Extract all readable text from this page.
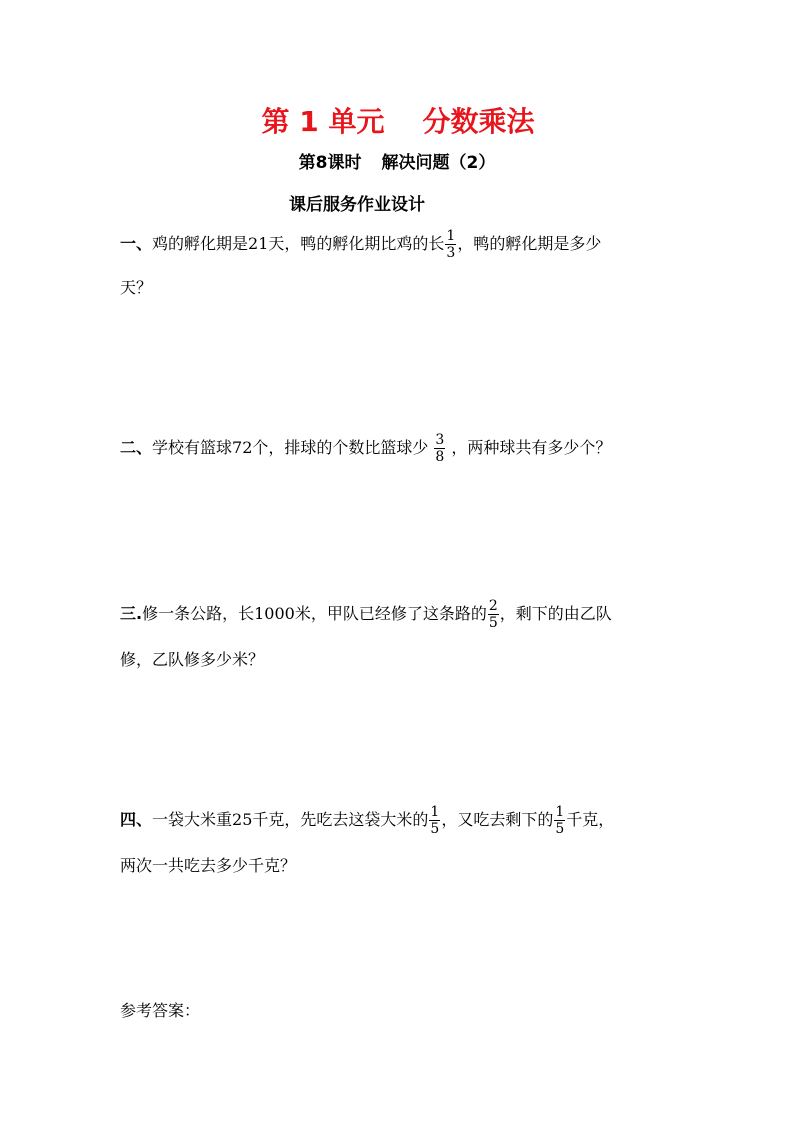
第 1 单元 分数乘法
第8课时 解决问题（2）
课后服务作业设计
一、鸡的孵化期是21天，鸭的孵化期比鸡的长 $\frac{1}{3}$ ，鸭的孵化期是多少
天？
二、学校有篮球72个，排球的个数比篮球少 $\frac{3}{8}$ ，两种球共有多少个？
三.修一条公路，长1000米，甲队已经修了这条路的 $\frac{2}{5}$ ，剩下的由乙队
修，乙队修多少米？
四、一袋大米重25千克，先吃去这袋大米的 $\frac{1}{5}$ ，又吃去剩下的 $\frac{1}{5}$ 千克，
两次一共吃去多少千克？
参考答案：
